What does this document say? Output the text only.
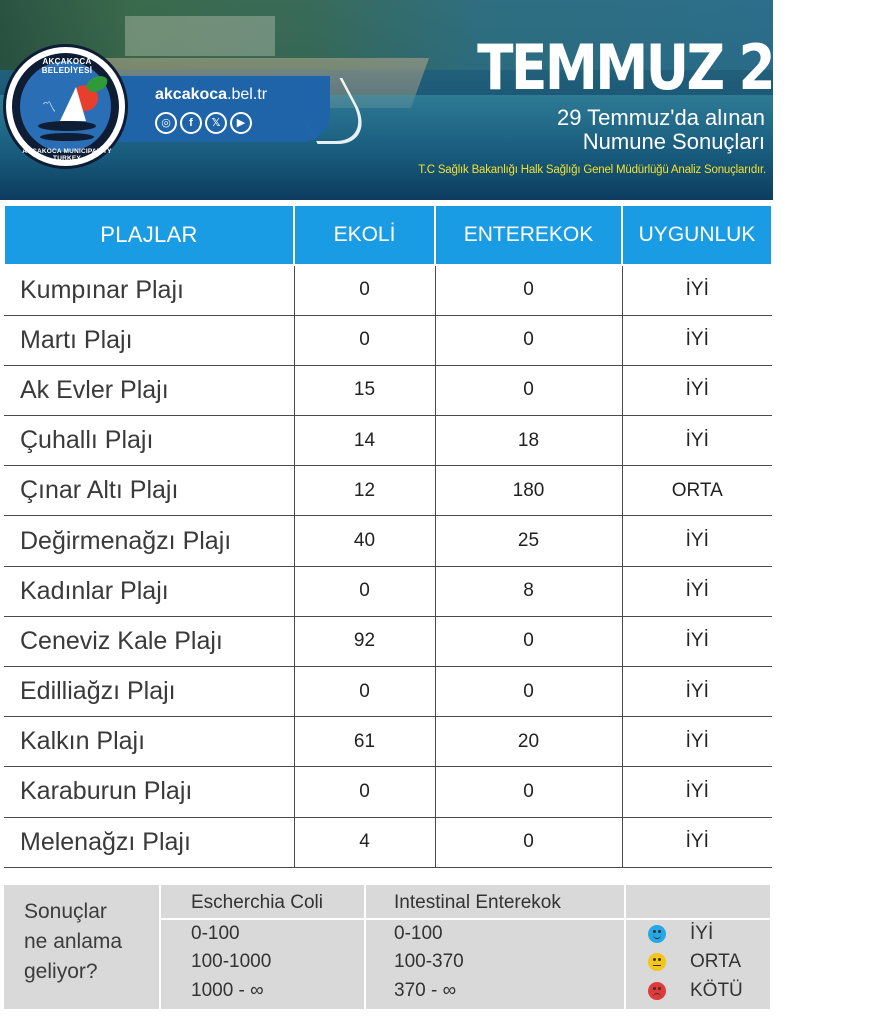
〽
AKÇAKOCA BELEDİYESİ
AKÇAKOCA MUNICIPALITY TURKEY
akcakoca.bel.tr
◎	f	𝕏	▶
TEMMUZ 2025
29 Temmuz'da alınan
Numune Sonuçları
T.C Sağlık Bakanlığı Halk Sağlığı Genel Müdürlüğü Analiz Sonuçlarıdır.
PLAJLAR	EKOLİ	ENTEREKOK	UYGUNLUK
Kumpınar Plajı	0	0	İYİ
Martı Plajı	0	0	İYİ
Ak Evler Plajı	15	0	İYİ
Çuhallı Plajı	14	18	İYİ
Çınar Altı Plajı	12	180	ORTA
Değirmenağzı Plajı	40	25	İYİ
Kadınlar Plajı	0	8	İYİ
Ceneviz Kale Plajı	92	0	İYİ
Edilliağzı Plajı	0	0	İYİ
Kalkın Plajı	61	20	İYİ
Karaburun Plajı	0	0	İYİ
Melenağzı Plajı	4	0	İYİ
Sonuçlar
ne anlama
geliyor?
Escherchia Coli	Intestinal Enterekok
0-100	0-100	İYİ
100-1000	100-370	ORTA
1000 - ∞	370 - ∞	KÖTÜ
